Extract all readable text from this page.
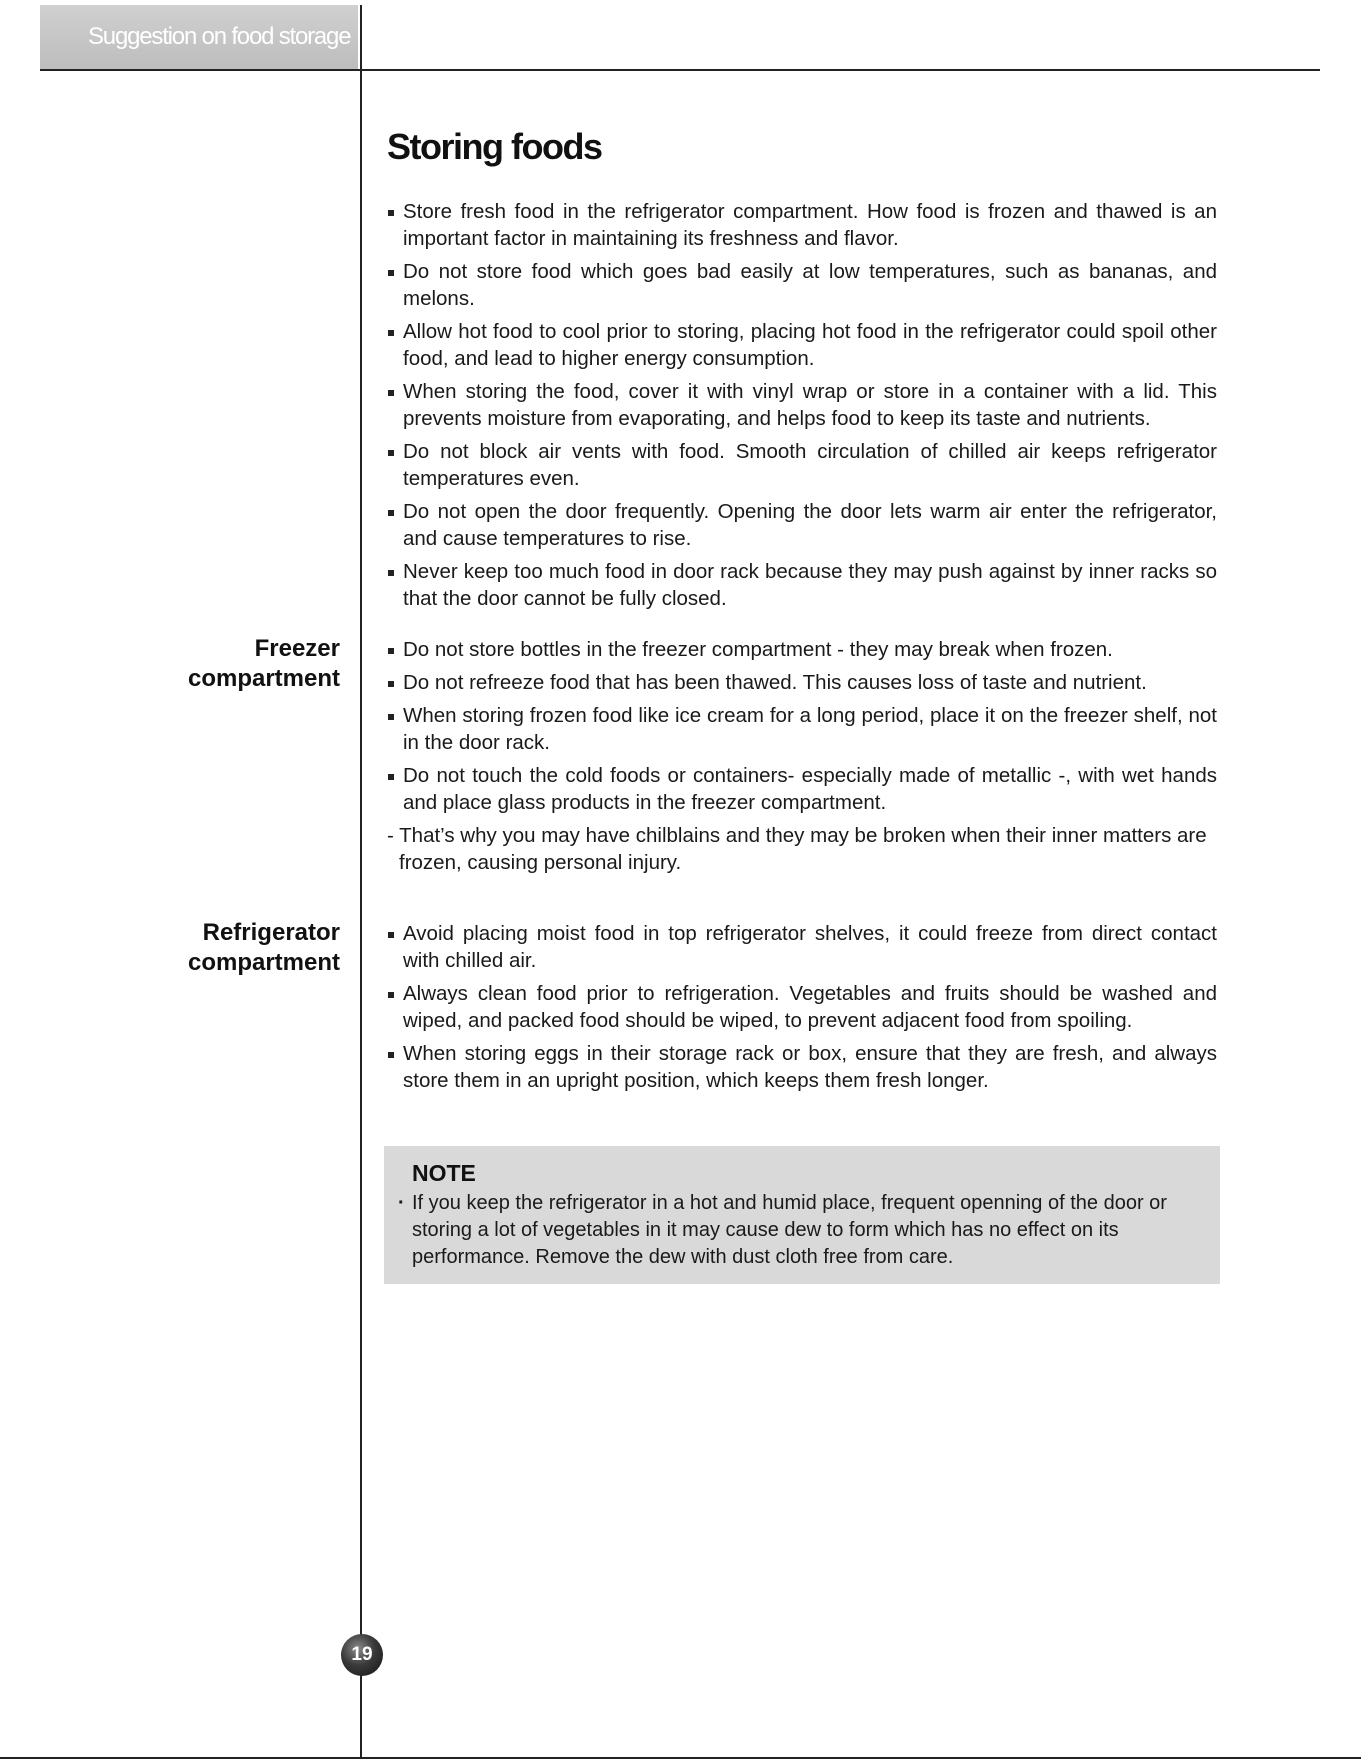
Suggestion on food storage
Storing foods
Store fresh food in the refrigerator compartment. How food is frozen and thawed is an important factor in maintaining its freshness and flavor.
Do not store food which goes bad easily at low temperatures, such as bananas, and melons.
Allow hot food to cool prior to storing, placing hot food in the refrigerator could spoil other food, and lead to higher energy consumption.
When storing the food, cover it with vinyl wrap or store in a container with a lid. This prevents moisture from evaporating, and helps food to keep its taste and nutrients.
Do not block air vents with food. Smooth circulation of chilled air keeps refrigerator temperatures even.
Do not open the door frequently. Opening the door lets warm air enter the refrigerator, and cause temperatures to rise.
Never keep too much food in door rack because they may push against by inner racks so that the door cannot be fully closed.
Freezer
compartment
Do not store bottles in the freezer compartment - they may break when frozen.
Do not refreeze food that has been thawed. This causes loss of taste and nutrient.
When storing frozen food like ice cream for a long period, place it on the freezer shelf, not in the door rack.
Do not touch the cold foods or containers- especially made of metallic -, with wet hands and place glass products in the freezer compartment.
- That’s why you may have chilblains and they may be broken when their inner matters are frozen, causing personal injury.
Refrigerator
compartment
Avoid placing moist food in top refrigerator shelves, it could freeze from direct contact with chilled air.
Always clean food prior to refrigeration. Vegetables and fruits should be washed and wiped, and packed food should be wiped, to prevent adjacent food from spoiling.
When storing eggs in their storage rack or box, ensure that they are fresh, and always store them in an upright position, which keeps them fresh longer.
NOTE
· If you keep the refrigerator in a hot and humid place, frequent openning of the door or storing a lot of vegetables in it may cause dew to form which has no effect on its performance. Remove the dew with dust cloth free from care.
19
